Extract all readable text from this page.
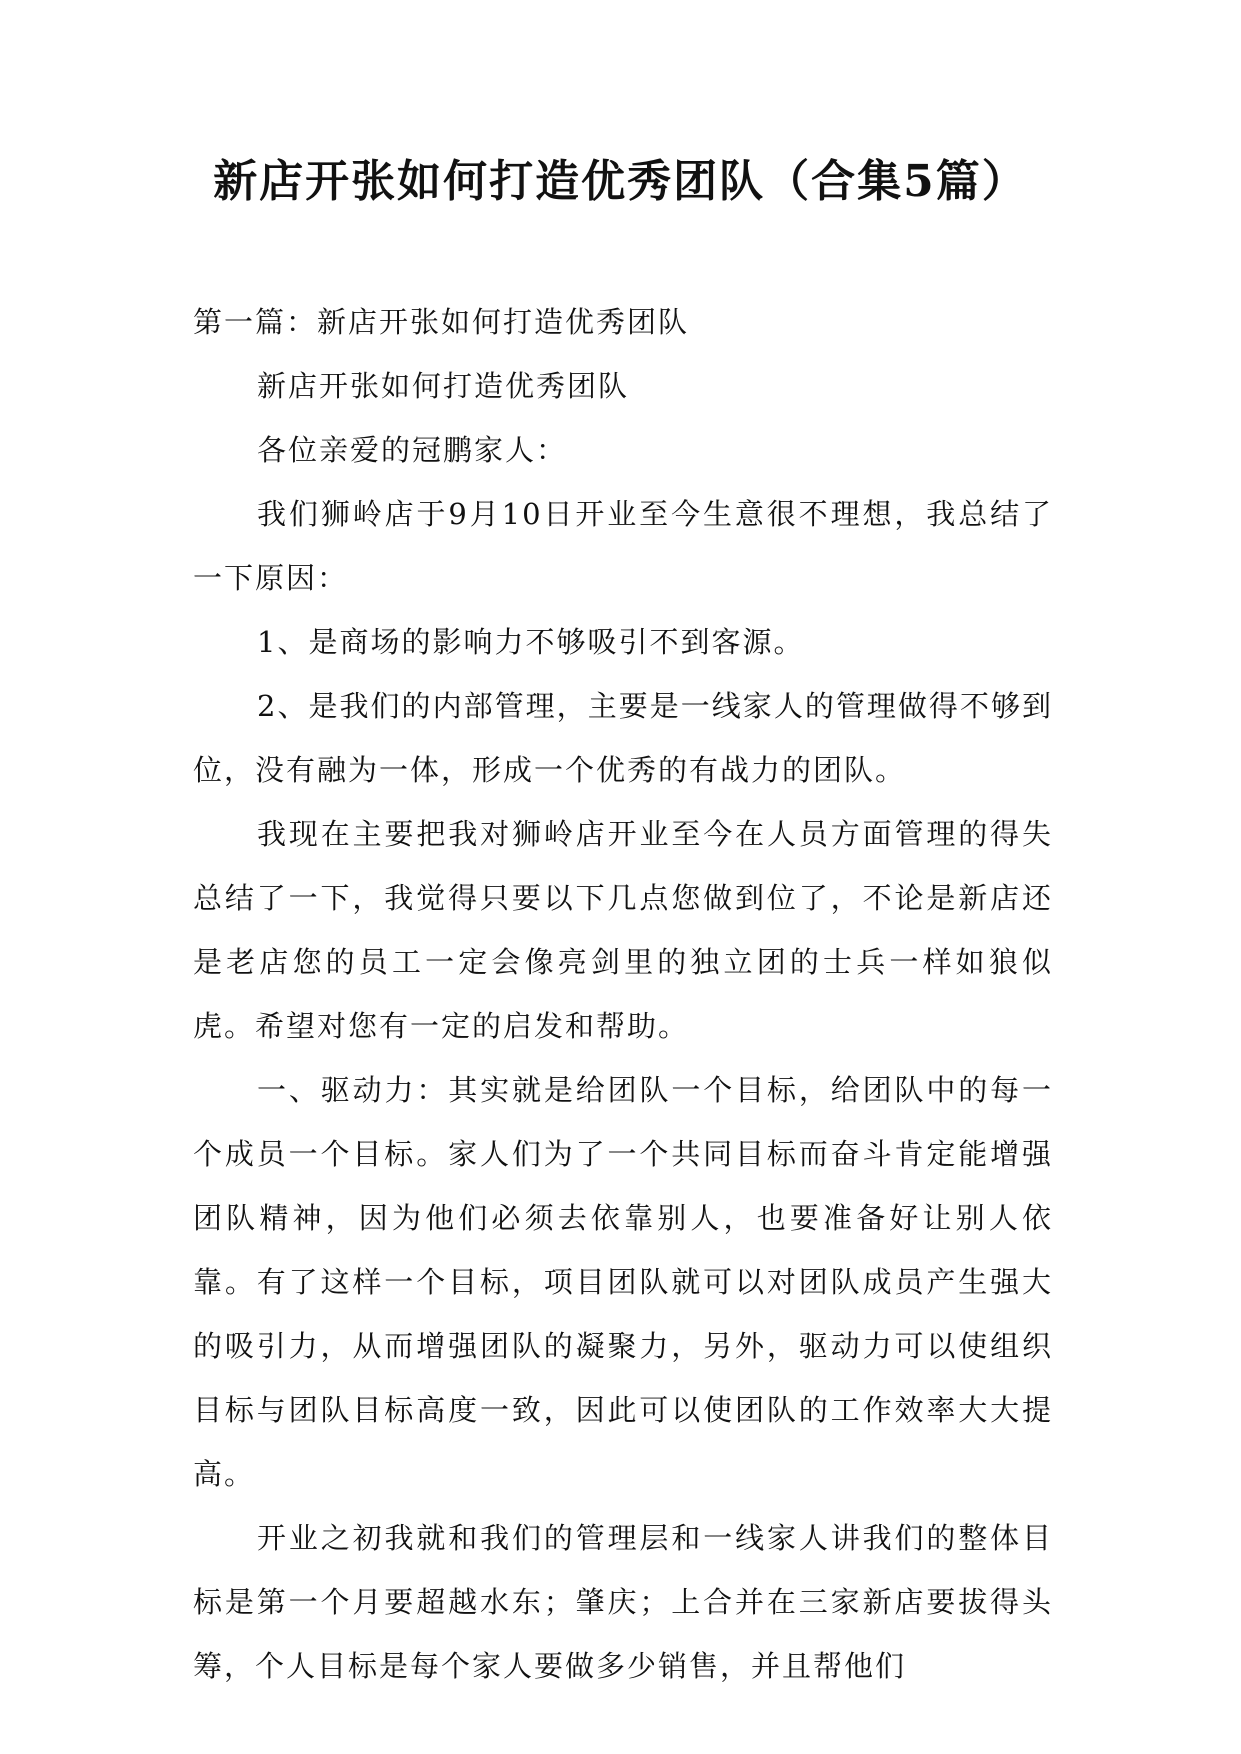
新店开张如何打造优秀团队（合集5篇）

第一篇：新店开张如何打造优秀团队

新店开张如何打造优秀团队

各位亲爱的冠鹏家人：

我们狮岭店于9月10日开业至今生意很不理想，我总结了一下原因：

1、是商场的影响力不够吸引不到客源。

2、是我们的内部管理，主要是一线家人的管理做得不够到位，没有融为一体，形成一个优秀的有战力的团队。

我现在主要把我对狮岭店开业至今在人员方面管理的得失总结了一下，我觉得只要以下几点您做到位了，不论是新店还是老店您的员工一定会像亮剑里的独立团的士兵一样如狼似虎。希望对您有一定的启发和帮助。

一、驱动力：其实就是给团队一个目标，给团队中的每一个成员一个目标。家人们为了一个共同目标而奋斗肯定能增强团队精神，因为他们必须去依靠别人，也要准备好让别人依靠。有了这样一个目标，项目团队就可以对团队成员产生强大的吸引力，从而增强团队的凝聚力，另外，驱动力可以使组织目标与团队目标高度一致，因此可以使团队的工作效率大大提高。

开业之初我就和我们的管理层和一线家人讲我们的整体目标是第一个月要超越水东；肇庆；上合并在三家新店要拔得头筹，个人目标是每个家人要做多少销售，并且帮他们
